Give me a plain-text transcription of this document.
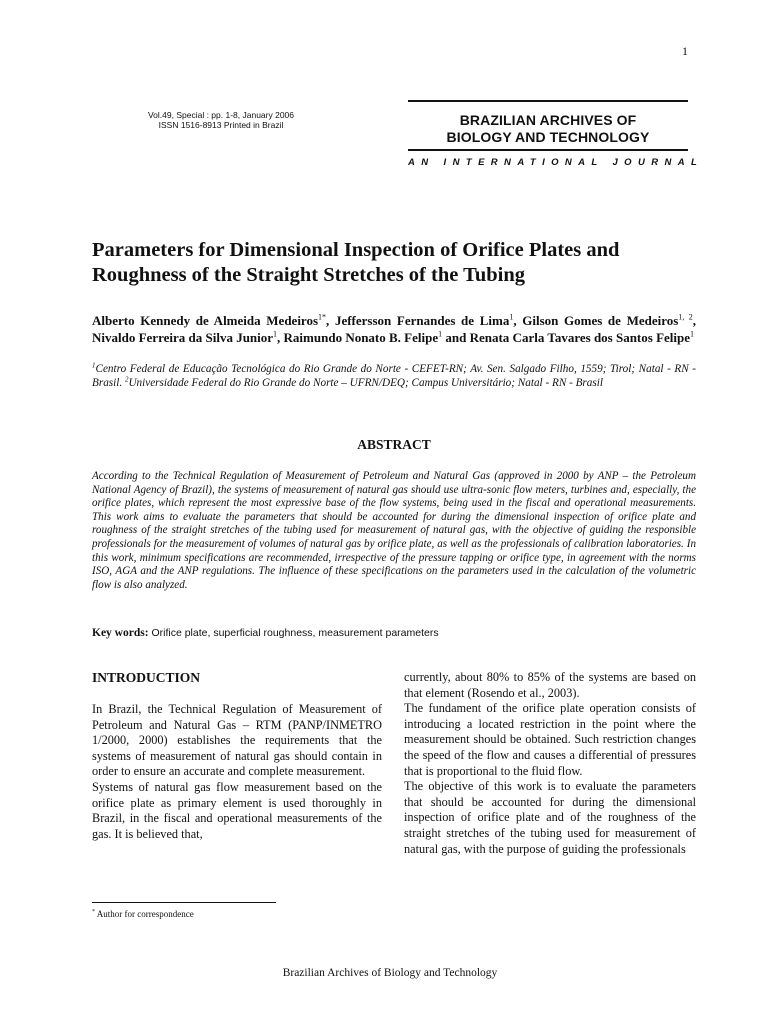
1
Vol.49, Special : pp. 1-8, January 2006
ISSN 1516-8913 Printed in Brazil	BRAZILIAN ARCHIVES OF
BIOLOGY AND TECHNOLOGY
AN INTERNATIONAL JOURNAL
Parameters for Dimensional Inspection of Orifice Plates and Roughness of the Straight Stretches of the Tubing
Alberto Kennedy de Almeida Medeiros$^{1*}$, Jeffersson Fernandes de Lima$^1$, Gilson Gomes de Medeiros$^{1, 2}$, Nivaldo Ferreira da Silva Junior$^1$, Raimundo Nonato B. Felipe$^1$ and Renata Carla Tavares dos Santos Felipe$^1$
$^1$Centro Federal de Educação Tecnológica do Rio Grande do Norte - CEFET-RN; Av. Sen. Salgado Filho, 1559; Tirol; Natal - RN - Brasil. $^2$Universidade Federal do Rio Grande do Norte – UFRN/DEQ; Campus Universitário; Natal - RN - Brasil
ABSTRACT
According to the Technical Regulation of Measurement of Petroleum and Natural Gas (approved in 2000 by ANP – the Petroleum National Agency of Brazil), the systems of measurement of natural gas should use ultra-sonic flow meters, turbines and, especially, the orifice plates, which represent the most expressive base of the flow systems, being used in the fiscal and operational measurements. This work aims to evaluate the parameters that should be accounted for during the dimensional inspection of orifice plate and roughness of the straight stretches of the tubing used for measurement of natural gas, with the objective of guiding the responsible professionals for the measurement of volumes of natural gas by orifice plate, as well as the professionals of calibration laboratories. In this work, minimum specifications are recommended, irrespective of the pressure tapping or orifice type, in agreement with the norms ISO, AGA and the ANP regulations. The influence of these specifications on the parameters used in the calculation of the volumetric flow is also analyzed.
Key words: Orifice plate, superficial roughness, measurement parameters
INTRODUCTION

In Brazil, the Technical Regulation of Measurement of Petroleum and Natural Gas – RTM (PANP/INMETRO 1/2000, 2000) establishes the requirements that the systems of measurement of natural gas should contain in order to ensure an accurate and complete measurement.

Systems of natural gas flow measurement based on the orifice plate as primary element is used thoroughly in Brazil, in the fiscal and operational measurements of the gas. It is believed that,

currently, about 80% to 85% of the systems are based on that element (Rosendo et al., 2003).

The fundament of the orifice plate operation consists of introducing a located restriction in the point where the measurement should be obtained. Such restriction changes the speed of the flow and causes a differential of pressures that is proportional to the fluid flow.

The objective of this work is to evaluate the parameters that should be accounted for during the dimensional inspection of orifice plate and of the roughness of the straight stretches of the tubing used for measurement of natural gas, with the purpose of guiding the professionals

* Author for correspondence
Brazilian Archives of Biology and Technology
